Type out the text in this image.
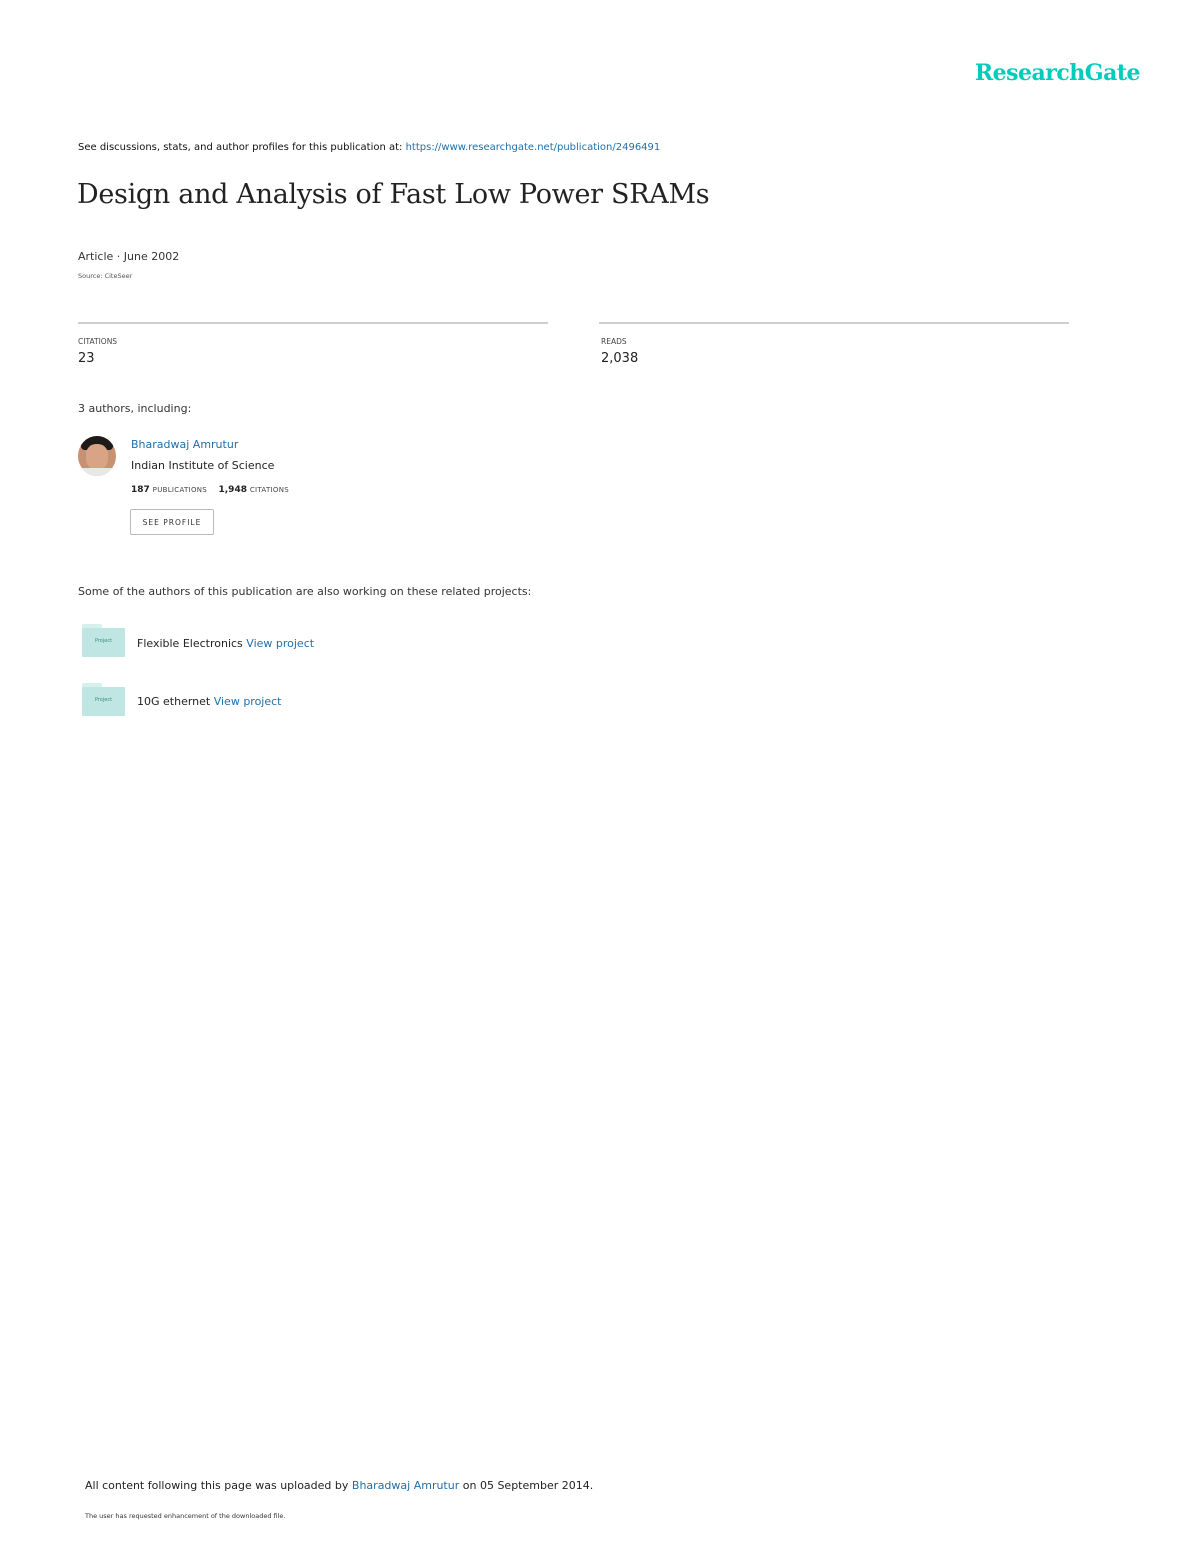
ResearchGate
See discussions, stats, and author profiles for this publication at: https://www.researchgate.net/publication/2496491
Design and Analysis of Fast Low Power SRAMs
Article · June 2002
Source: CiteSeer
CITATIONS
23
READS
2,038
3 authors, including:
Bharadwaj Amrutur
Indian Institute of Science
187 PUBLICATIONS 1,948 CITATIONS
SEE PROFILE
Some of the authors of this publication are also working on these related projects:
Project	Flexible Electronics View project
Project	10G ethernet View project
All content following this page was uploaded by Bharadwaj Amrutur on 05 September 2014.
The user has requested enhancement of the downloaded file.
